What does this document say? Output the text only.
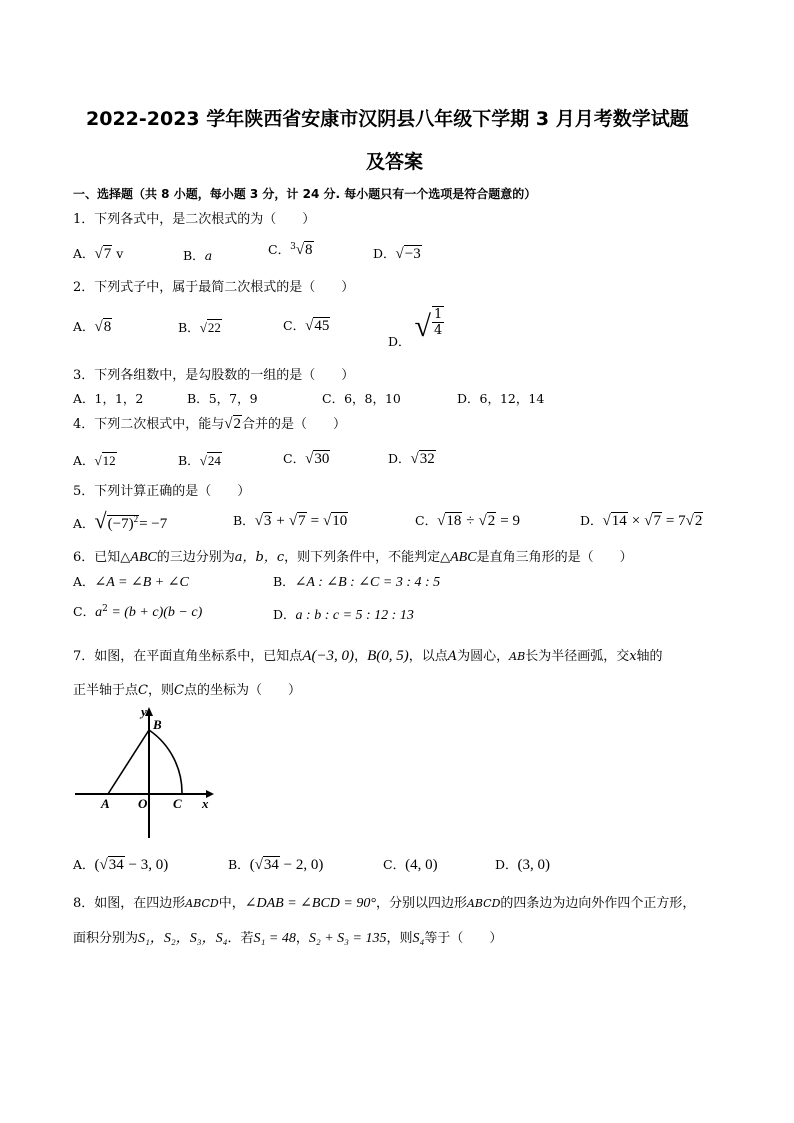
2022-2023 学年陕西省安康市汉阴县八年级下学期 3 月月考数学试题
及答案
一、选择题（共 8 小题，每小题 3 分，计 24 分. 每小题只有一个选项是符合题意的）
1．下列各式中，是二次根式的为（　　）
A．√7 v	B．a	C．$^3$√8	D．√−3
2．下列式子中，属于最简二次根式的是（　　）
A．√8	B．√22	C．√45
D． √ $\frac{1}{4}$
3．下列各组数中，是勾股数的一组的是（　　）
A．1，1，2	B．5，7，9	C．6，8，10	D．6，12，14
4．下列二次根式中，能与√2合并的是（　　）
A．√12	B．√24	C．√30	D．√32
5．下列计算正确的是（　　）
A．$√(-7)^2= -7$	B．√3 + √7 = √10	C．√18 ÷ √2 = 9	D．√14 × √7 = 7√2
6．已知△ABC的三边分别为a，b，c，则下列条件中，不能判定△ABC是直角三角形的是（　　）
A．∠A = ∠B + ∠C	B．∠A : ∠B : ∠C = 3 : 4 : 5
C．$a^2 = (b + c)(b - c)$	D．a : b : c = 5 : 12 : 13
7．如图，在平面直角坐标系中，已知点A(−3, 0)，B(0, 5)，以点A为圆心，AB长为半径画弧，交x轴的
正半轴于点C，则C点的坐标为（　　）
y
B
A O C x
A．(√34 − 3, 0)	B．(√34 − 2, 0)	C．(4, 0)	D．(3, 0)
8．如图，在四边形ABCD中，∠DAB = ∠BCD = 90°，分别以四边形ABCD的四条边为边向外作四个正方形，
面积分别为S₁，S₂，S₃，S₄．若S₁ = 48，S₂ + S₃ = 135，则S₄等于（　　）
